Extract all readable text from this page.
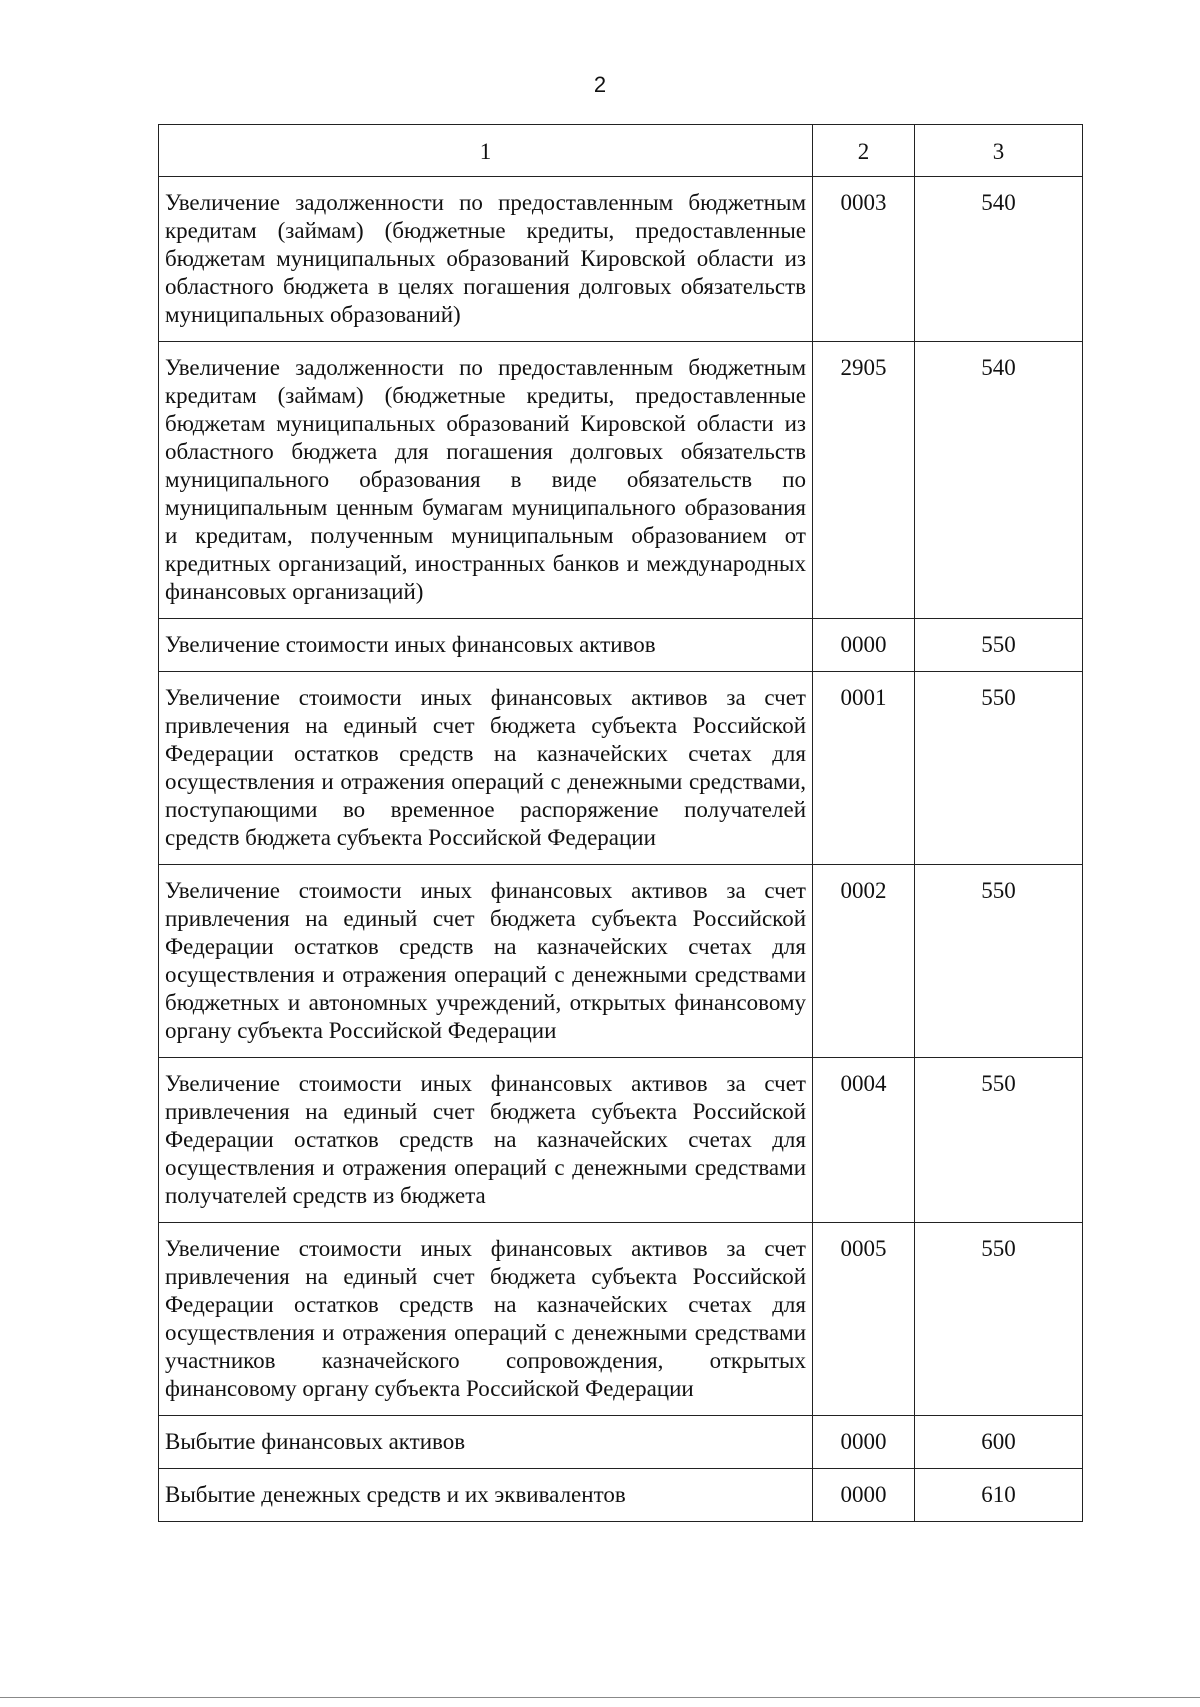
2
1	2	3
Увеличение задолженности по предоставленным бюджетным кредитам (займам) (бюджетные кредиты, предоставленные бюджетам муниципальных образований Кировской области из областного бюджета в целях погашения долговых обязательств муниципальных образований)	0003	540
Увеличение задолженности по предоставленным бюджетным кредитам (займам) (бюджетные кредиты, предоставленные бюджетам муниципальных образований Кировской области из областного бюджета для погашения долговых обязательств муниципального образования в виде обязательств по муниципальным ценным бумагам муниципального образования и кредитам, полученным муниципальным образованием от кредитных организаций, иностранных банков и международных финансовых организаций)	2905	540
Увеличение стоимости иных финансовых активов	0000	550
Увеличение стоимости иных финансовых активов за счет привлечения на единый счет бюджета субъекта Российской Федерации остатков средств на казначейских счетах для осуществления и отражения операций с денежными средствами, поступающими во временное распоряжение получателей средств бюджета субъекта Российской Федерации	0001	550
Увеличение стоимости иных финансовых активов за счет привлечения на единый счет бюджета субъекта Российской Федерации остатков средств на казначейских счетах для осуществления и отражения операций с денежными средствами бюджетных и автономных учреждений, открытых финансовому органу субъекта Российской Федерации	0002	550
Увеличение стоимости иных финансовых активов за счет привлечения на единый счет бюджета субъекта Российской Федерации остатков средств на казначейских счетах для осуществления и отражения операций с денежными средствами получателей средств из бюджета	0004	550
Увеличение стоимости иных финансовых активов за счет привлечения на единый счет бюджета субъекта Российской Федерации остатков средств на казначейских счетах для осуществления и отражения операций с денежными средствами участников казначейского сопровождения, открытых финансовому органу субъекта Российской Федерации	0005	550
Выбытие финансовых активов	0000	600
Выбытие денежных средств и их эквивалентов	0000	610
